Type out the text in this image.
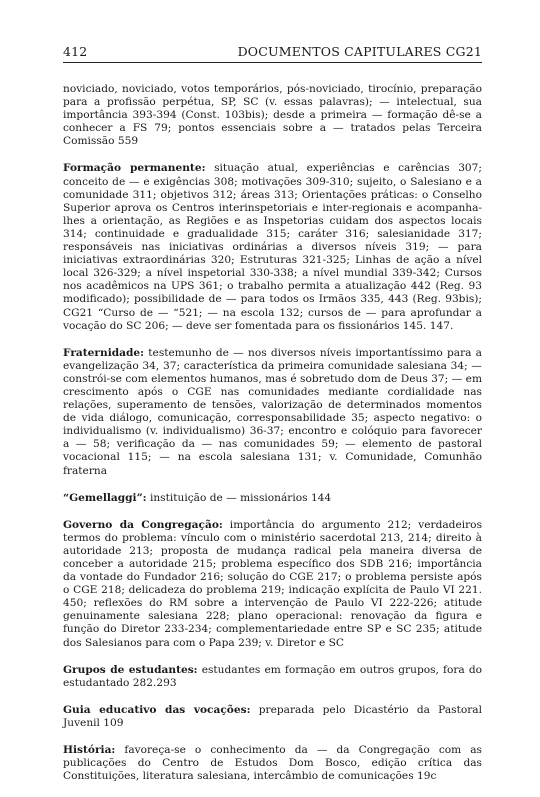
412	DOCUMENTOS CAPITULARES CG21

noviciado, noviciado, votos temporários, pós-noviciado, tirocínio, preparação para a profissão perpétua, SP, SC (v. essas palavras); — intelectual, sua importância 393-394 (Const. 103bis); desde a primeira — formação dê-se a conhecer a FS 79; pontos essenciais sobre a — tratados pelas Terceira Comissão 559

Formação permanente: situação atual, experiências e carências 307; conceito de — e exigências 308; motivações 309-310; sujeito, o Salesiano e a comunidade 311; objetivos 312; áreas 313; Orientações práticas: o Conselho Superior aprova os Centros interinspetoriais e inter-regionais e acompanha-lhes a orientação, as Regiões e as Inspetorias cuidam dos aspectos locais 314; continuidade e gradualidade 315; caráter 316; salesianidade 317; responsáveis nas iniciativas ordinárias a diversos níveis 319; — para iniciativas extraordinárias 320; Estruturas 321-325; Linhas de ação a nível local 326-329; a nível inspetorial 330-338; a nível mundial 339-342; Cursos nos acadêmicos na UPS 361; o trabalho permita a atualização 442 (Reg. 93 modificado); possibilidade de — para todos os Irmãos 335, 443 (Reg. 93bis); CG21 “Curso de — “521; — na escola 132; cursos de — para aprofundar a vocação do SC 206; — deve ser fomentada para os fissionários 145. 147.

Fraternidade: testemunho de — nos diversos níveis importantíssimo para a evangelização 34, 37; característica da primeira comunidade salesiana 34; — constrói-se com elementos humanos, mas é sobretudo dom de Deus 37; — em crescimento após o CGE nas comunidades mediante cordialidade nas relações, superamento de tensões, valorização de determinados momentos de vida diálogo, comunicação, corresponsabilidade 35; aspecto negativo: o individualismo (v. individualismo) 36-37; encontro e colóquio para favorecer a — 58; verificação da — nas comunidades 59; — elemento de pastoral vocacional 115; — na escola salesiana 131; v. Comunidade, Comunhão fraterna

“Gemellaggi”: instituição de — missionários 144

Governo da Congregação: importância do argumento 212; verdadeiros termos do problema: vínculo com o ministério sacerdotal 213, 214; direito à autoridade 213; proposta de mudança radical pela maneira diversa de conceber a autoridade 215; problema específico dos SDB 216; importância da vontade do Fundador 216; solução do CGE 217; o problema persiste após o CGE 218; delicadeza do problema 219; indicação explícita de Paulo VI 221. 450; reflexões do RM sobre a intervenção de Paulo VI 222-226; atitude genuinamente salesiana 228; plano operacional: renovação da figura e função do Diretor 233-234; complementariedade entre SP e SC 235; atitude dos Salesianos para com o Papa 239; v. Diretor e SC

Grupos de estudantes: estudantes em formação em outros grupos, fora do estudantado 282.293

Guia educativo das vocações: preparada pelo Dicastério da Pastoral Juvenil 109

História: favoreça-se o conhecimento da — da Congregação com as publicações do Centro de Estudos Dom Bosco, edição crítica das Constituições, literatura salesiana, intercâmbio de comunicações 19c
